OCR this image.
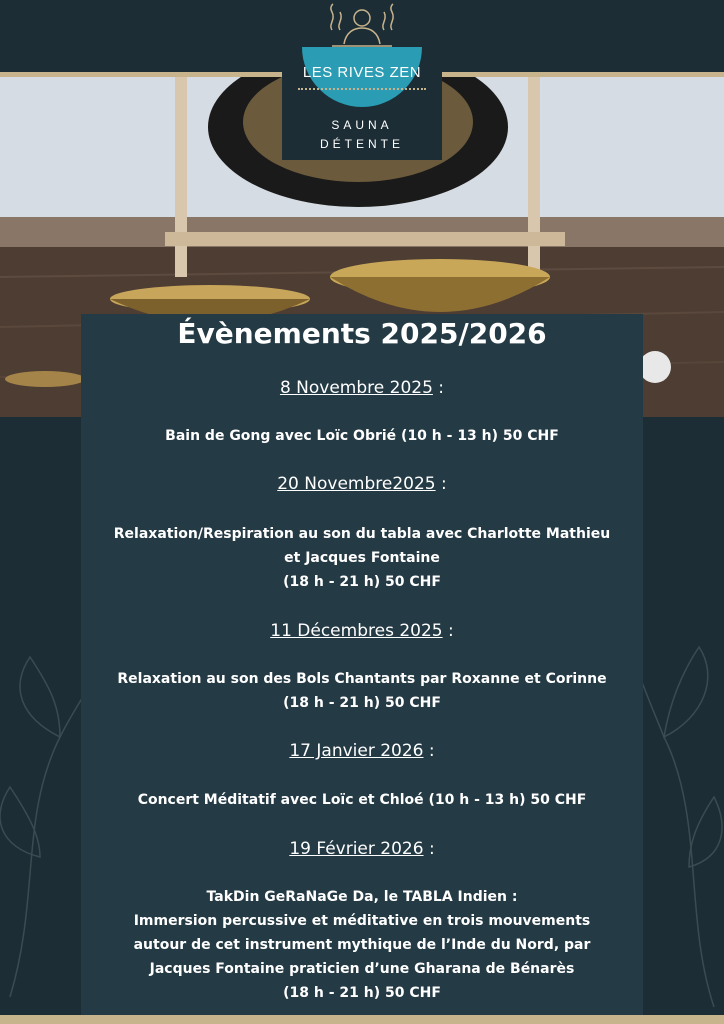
LES RIVES ZEN
SAUNA
DÉTENTE
Évènements 2025/2026
8 Novembre 2025 :
Bain de Gong avec Loïc Obrié (10 h - 13 h) 50 CHF
20 Novembre2025 :
Relaxation/Respiration au son du tabla avec Charlotte Mathieu
et Jacques Fontaine
(18 h - 21 h) 50 CHF
11 Décembres 2025 :
Relaxation au son des Bols Chantants par Roxanne et Corinne
(18 h - 21 h) 50 CHF
17 Janvier 2026 :
Concert Méditatif avec Loïc et Chloé (10 h - 13 h) 50 CHF
19 Février 2026 :
TakDin GeRaNaGe Da, le TABLA Indien :
Immersion percussive et méditative en trois mouvements
autour de cet instrument mythique de l’Inde du Nord, par
Jacques Fontaine praticien d’une Gharana de Bénarès
(18 h - 21 h) 50 CHF
